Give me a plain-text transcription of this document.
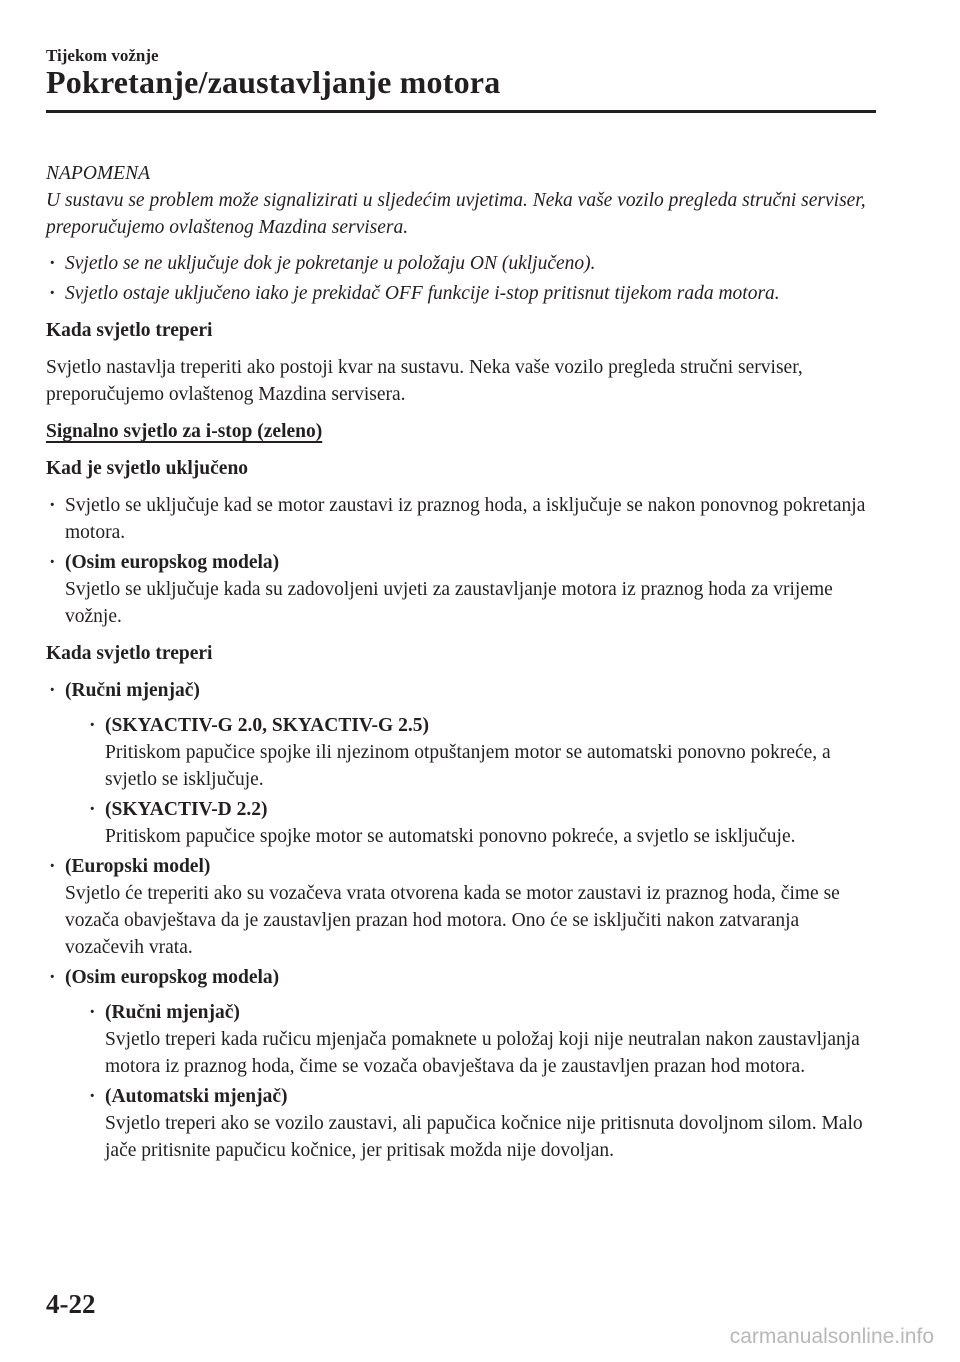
Tijekom vožnje
Pokretanje/zaustavljanje motora

NAPOMENA

U sustavu se problem može signalizirati u sljedećim uvjetima. Neka vaše vozilo pregleda stručni serviser, preporučujemo ovlaštenog Mazdina servisera.

· Svjetlo se ne uključuje dok je pokretanje u položaju ON (uključeno).
· Svjetlo ostaje uključeno iako je prekidač OFF funkcije i-stop pritisnut tijekom rada motora.
Kada svjetlo treperi

Svjetlo nastavlja treperiti ako postoji kvar na sustavu. Neka vaše vozilo pregleda stručni serviser, preporučujemo ovlaštenog Mazdina servisera.

Signalno svjetlo za i-stop (zeleno)
Kad je svjetlo uključeno
· Svjetlo se uključuje kad se motor zaustavi iz praznog hoda, a isključuje se nakon ponovnog pokretanja motora.
· (Osim europskog modela)
Svjetlo se uključuje kada su zadovoljeni uvjeti za zaustavljanje motora iz praznog hoda za vrijeme vožnje.
Kada svjetlo treperi
· (Ručni mjenjač)
· (SKYACTIV-G 2.0, SKYACTIV-G 2.5)
Pritiskom papučice spojke ili njezinom otpuštanjem motor se automatski ponovno pokreće, a svjetlo se isključuje.
· (SKYACTIV-D 2.2)
Pritiskom papučice spojke motor se automatski ponovno pokreće, a svjetlo se isključuje.
· (Europski model)
Svjetlo će treperiti ako su vozačeva vrata otvorena kada se motor zaustavi iz praznog hoda, čime se vozača obavještava da je zaustavljen prazan hod motora. Ono će se isključiti nakon zatvaranja vozačevih vrata.
· (Osim europskog modela)
· (Ručni mjenjač)
Svjetlo treperi kada ručicu mjenjača pomaknete u položaj koji nije neutralan nakon zaustavljanja motora iz praznog hoda, čime se vozača obavještava da je zaustavljen prazan hod motora.
· (Automatski mjenjač)
Svjetlo treperi ako se vozilo zaustavi, ali papučica kočnice nije pritisnuta dovoljnom silom. Malo jače pritisnite papučicu kočnice, jer pritisak možda nije dovoljan.
4-22
carmanualsonline.info
